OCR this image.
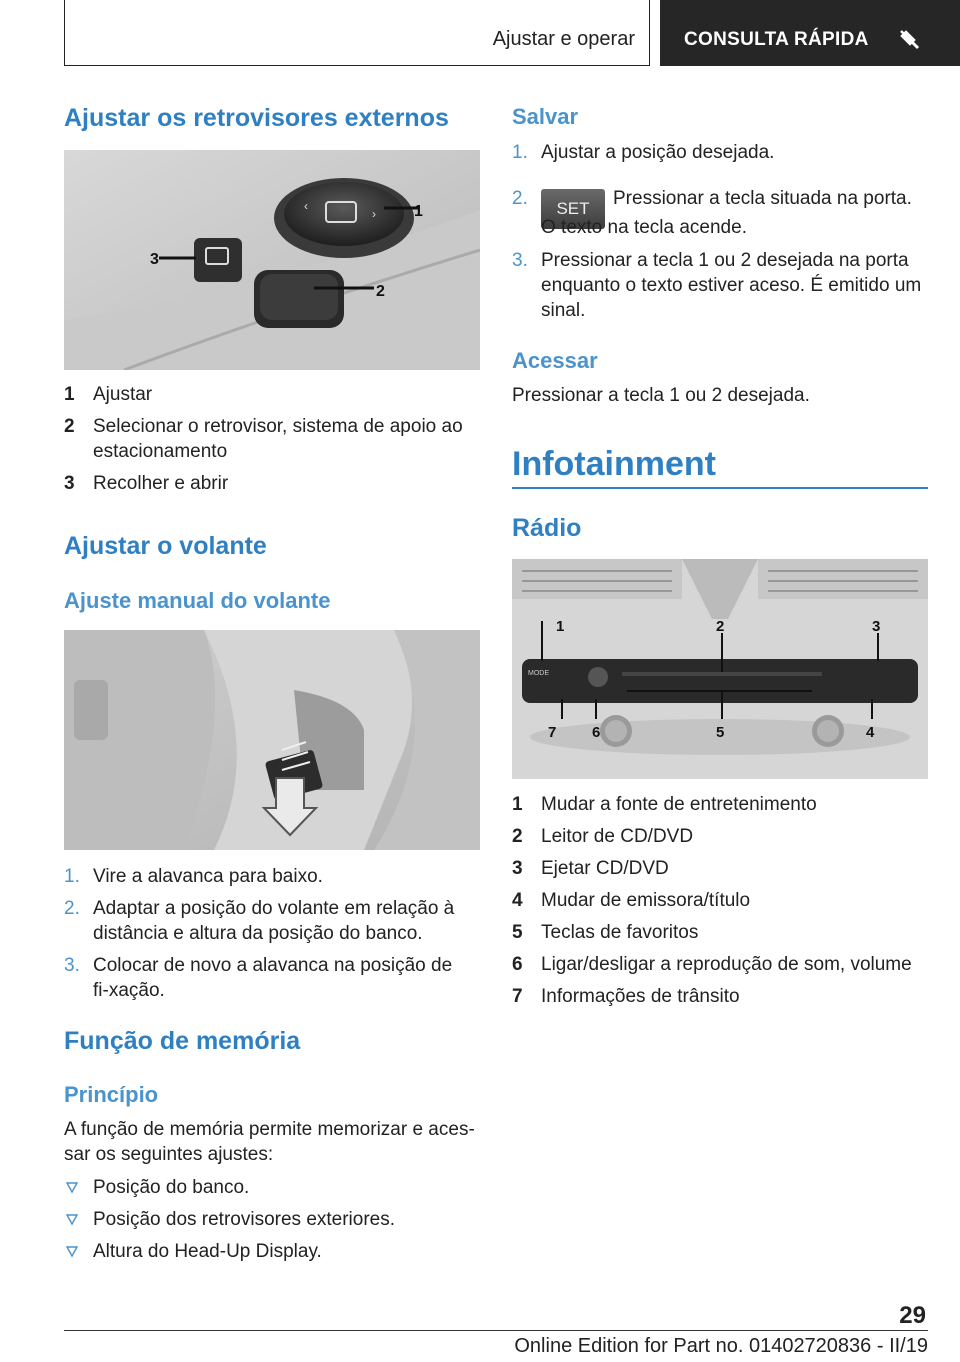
Ajustar e operar	CONSULTA RÁPIDA
Ajustar os retrovisores externos
‹
› 1
2
3
1 Ajustar
2 Selecionar o retrovisor, sistema de apoio ao estacionamento
3 Recolher e abrir
Ajustar o volante
Ajuste manual do volante
1. Vire a alavanca para baixo.
2. Adaptar a posição do volante em relação à distância e altura da posição do banco.
3. Colocar de novo a alavanca na posição de fi‐xação.
Função de memória
Princípio
A função de memória permite memorizar e aces‐sar os seguintes ajustes:
Posição do banco.
Posição dos retrovisores exteriores.
Altura do Head-Up Display.
Salvar
1. Ajustar a posição desejada.
2.	SET Pressionar a tecla situada na porta.
O texto na tecla acende.
3. Pressionar a tecla 1 ou 2 desejada na porta enquanto o texto estiver aceso. É emitido um sinal.
Acessar
Pressionar a tecla 1 ou 2 desejada.
Infotainment
Rádio
MODE
1	2	3
7 6	5	4
1 Mudar a fonte de entretenimento
2 Leitor de CD/DVD
3 Ejetar CD/DVD
4 Mudar de emissora/título
5 Teclas de favoritos
6 Ligar/desligar a reprodução de som, volume
7 Informações de trânsito
29
Online Edition for Part no. 01402720836 - II/19
